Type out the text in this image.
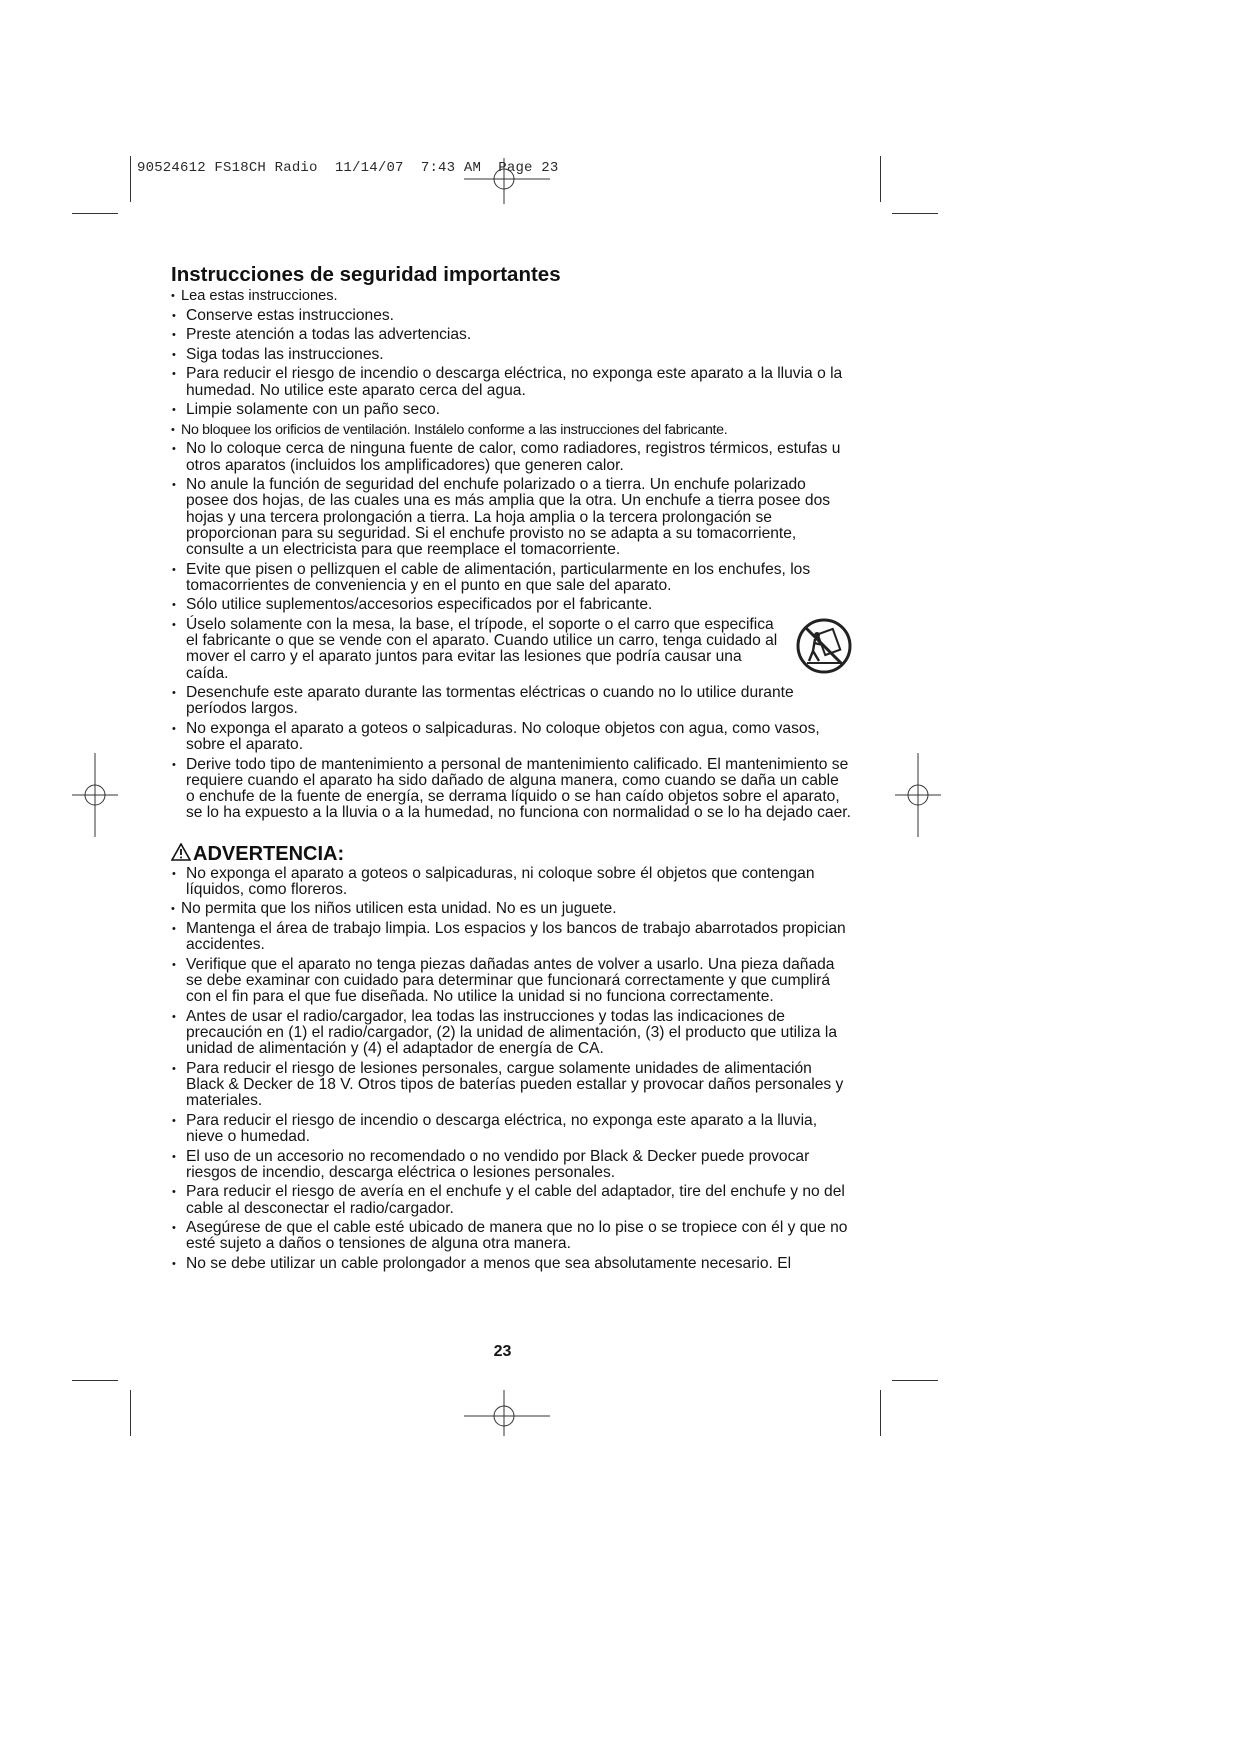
90524612 FS18CH Radio  11/14/07  7:43 AM  Page 23
Instrucciones de seguridad importantes
• Lea estas instrucciones.
• Conserve estas instrucciones.
• Preste atención a todas las advertencias.
• Siga todas las instrucciones.
• Para reducir el riesgo de incendio o descarga eléctrica, no exponga este aparato a la lluvia o la humedad. No utilice este aparato cerca del agua.
• Limpie solamente con un paño seco.
• No bloquee los orificios de ventilación. Instálelo conforme a las instrucciones del fabricante.
• No lo coloque cerca de ninguna fuente de calor, como radiadores, registros térmicos, estufas u otros aparatos (incluidos los amplificadores) que generen calor.
• No anule la función de seguridad del enchufe polarizado o a tierra. Un enchufe polarizado posee dos hojas, de las cuales una es más amplia que la otra. Un enchufe a tierra posee dos hojas y una tercera prolongación a tierra. La hoja amplia o la tercera prolongación se proporcionan para su seguridad. Si el enchufe provisto no se adapta a su tomacorriente, consulte a un electricista para que reemplace el tomacorriente.
• Evite que pisen o pellizquen el cable de alimentación, particularmente en los enchufes, los tomacorrientes de conveniencia y en el punto en que sale del aparato.
• Sólo utilice suplementos/accesorios especificados por el fabricante.
• Úselo solamente con la mesa, la base, el trípode, el soporte o el carro que especifica el fabricante o que se vende con el aparato. Cuando utilice un carro, tenga cuidado al mover el carro y el aparato juntos para evitar las lesiones que podría causar una caída.
• Desenchufe este aparato durante las tormentas eléctricas o cuando no lo utilice durante períodos largos.
• No exponga el aparato a goteos o salpicaduras. No coloque objetos con agua, como vasos, sobre el aparato.
• Derive todo tipo de mantenimiento a personal de mantenimiento calificado. El mantenimiento se requiere cuando el aparato ha sido dañado de alguna manera, como cuando se daña un cable o enchufe de la fuente de energía, se derrama líquido o se han caído objetos sobre el aparato, se lo ha expuesto a la lluvia o a la humedad, no funciona con normalidad o se lo ha dejado caer.
ADVERTENCIA:
• No exponga el aparato a goteos o salpicaduras, ni coloque sobre él objetos que contengan líquidos, como floreros.
• No permita que los niños utilicen esta unidad. No es un juguete.
• Mantenga el área de trabajo limpia. Los espacios y los bancos de trabajo abarrotados propician accidentes.
• Verifique que el aparato no tenga piezas dañadas antes de volver a usarlo. Una pieza dañada se debe examinar con cuidado para determinar que funcionará correctamente y que cumplirá con el fin para el que fue diseñada. No utilice la unidad si no funciona correctamente.
• Antes de usar el radio/cargador, lea todas las instrucciones y todas las indicaciones de precaución en (1) el radio/cargador, (2) la unidad de alimentación, (3) el producto que utiliza la unidad de alimentación y (4) el adaptador de energía de CA.
• Para reducir el riesgo de lesiones personales, cargue solamente unidades de alimentación Black & Decker de 18 V. Otros tipos de baterías pueden estallar y provocar daños personales y materiales.
• Para reducir el riesgo de incendio o descarga eléctrica, no exponga este aparato a la lluvia, nieve o humedad.
• El uso de un accesorio no recomendado o no vendido por Black & Decker puede provocar riesgos de incendio, descarga eléctrica o lesiones personales.
• Para reducir el riesgo de avería en el enchufe y el cable del adaptador, tire del enchufe y no del cable al desconectar el radio/cargador.
• Asegúrese de que el cable esté ubicado de manera que no lo pise o se tropiece con él y que no esté sujeto a daños o tensiones de alguna otra manera.
• No se debe utilizar un cable prolongador a menos que sea absolutamente necesario. El
23
